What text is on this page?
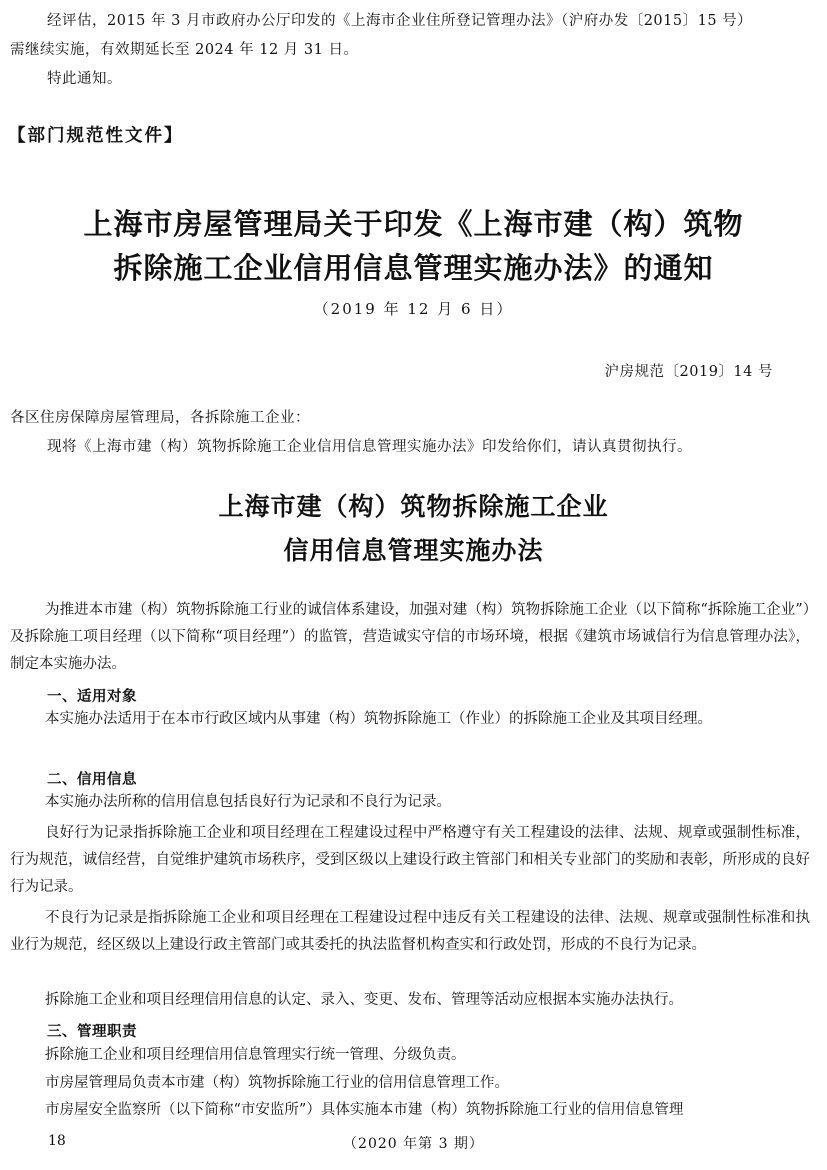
经评估，2015 年 3 月市政府办公厅印发的《上海市企业住所登记管理办法》（沪府办发〔2015〕15 号）
需继续实施，有效期延长至 2024 年 12 月 31 日。
特此通知。
【部门规范性文件】
上海市房屋管理局关于印发《上海市建（构）筑物
拆除施工企业信用信息管理实施办法》的通知
（2019 年 12 月 6 日）
沪房规范〔2019〕14 号
各区住房保障房屋管理局，各拆除施工企业：
现将《上海市建（构）筑物拆除施工企业信用信息管理实施办法》印发给你们，请认真贯彻执行。
上海市建（构）筑物拆除施工企业
信用信息管理实施办法
为推进本市建（构）筑物拆除施工行业的诚信体系建设，加强对建（构）筑物拆除施工企业（以下简称“拆除施工企业”）及拆除施工项目经理（以下简称“项目经理”）的监管，营造诚实守信的市场环境，根据《建筑市场诚信行为信息管理办法》，制定本实施办法。
一、适用对象
本实施办法适用于在本市行政区域内从事建（构）筑物拆除施工（作业）的拆除施工企业及其项目经理。
二、信用信息
本实施办法所称的信用信息包括良好行为记录和不良行为记录。
良好行为记录指拆除施工企业和项目经理在工程建设过程中严格遵守有关工程建设的法律、法规、规章或强制性标准，行为规范，诚信经营，自觉维护建筑市场秩序，受到区级以上建设行政主管部门和相关专业部门的奖励和表彰，所形成的良好行为记录。
不良行为记录是指拆除施工企业和项目经理在工程建设过程中违反有关工程建设的法律、法规、规章或强制性标准和执业行为规范，经区级以上建设行政主管部门或其委托的执法监督机构查实和行政处罚，形成的不良行为记录。
拆除施工企业和项目经理信用信息的认定、录入、变更、发布、管理等活动应根据本实施办法执行。
三、管理职责
拆除施工企业和项目经理信用信息管理实行统一管理、分级负责。
市房屋管理局负责本市建（构）筑物拆除施工行业的信用信息管理工作。
市房屋安全监察所（以下简称“市安监所”）具体实施本市建（构）筑物拆除施工行业的信用信息管理
18	（2020 年第 3 期）
